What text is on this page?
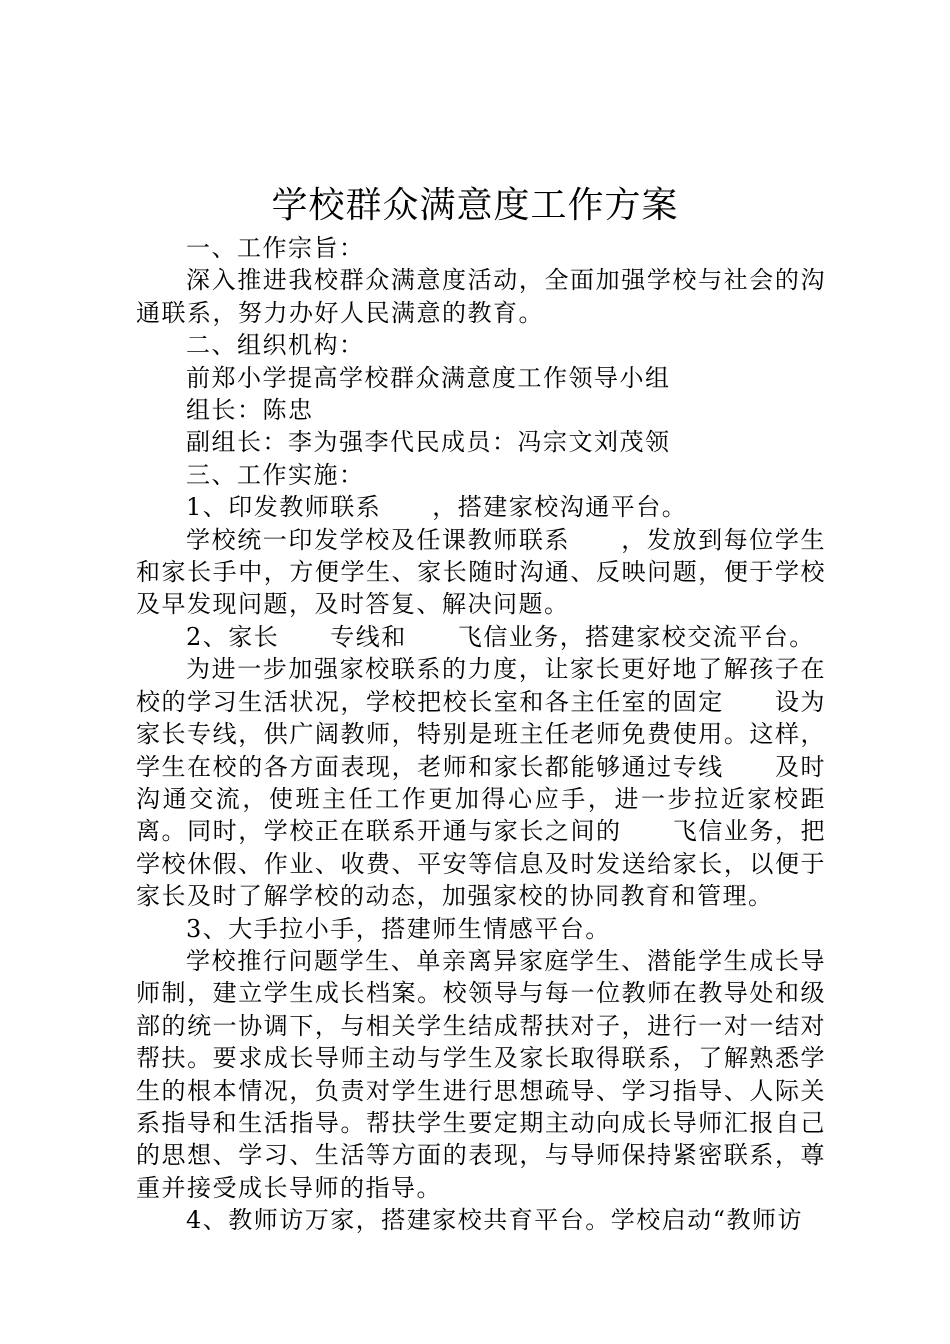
学校群众满意度工作方案

一、工作宗旨：

深入推进我校群众满意度活动，全面加强学校与社会的沟通联系，努力办好人民满意的教育。

二、组织机构：

前郑小学提高学校群众满意度工作领导小组

组长：陈忠

副组长：李为强李代民成员：冯宗文刘茂领

三、工作实施：

1、印发教师联系　　，搭建家校沟通平台。

学校统一印发学校及任课教师联系　　，发放到每位学生和家长手中，方便学生、家长随时沟通、反映问题，便于学校及早发现问题，及时答复、解决问题。

2、家长　　专线和　　飞信业务，搭建家校交流平台。

为进一步加强家校联系的力度，让家长更好地了解孩子在校的学习生活状况，学校把校长室和各主任室的固定　　设为家长专线，供广阔教师，特别是班主任老师免费使用。这样，学生在校的各方面表现，老师和家长都能够通过专线　　及时沟通交流，使班主任工作更加得心应手，进一步拉近家校距离。同时，学校正在联系开通与家长之间的　　飞信业务，把学校休假、作业、收费、平安等信息及时发送给家长，以便于家长及时了解学校的动态，加强家校的协同教育和管理。

3、大手拉小手，搭建师生情感平台。

学校推行问题学生、单亲离异家庭学生、潜能学生成长导师制，建立学生成长档案。校领导与每一位教师在教导处和级部的统一协调下，与相关学生结成帮扶对子，进行一对一结对帮扶。要求成长导师主动与学生及家长取得联系，了解熟悉学生的根本情况，负责对学生进行思想疏导、学习指导、人际关系指导和生活指导。帮扶学生要定期主动向成长导师汇报自己的思想、学习、生活等方面的表现，与导师保持紧密联系，尊重并接受成长导师的指导。

4、教师访万家，搭建家校共育平台。学校启动“教师访
